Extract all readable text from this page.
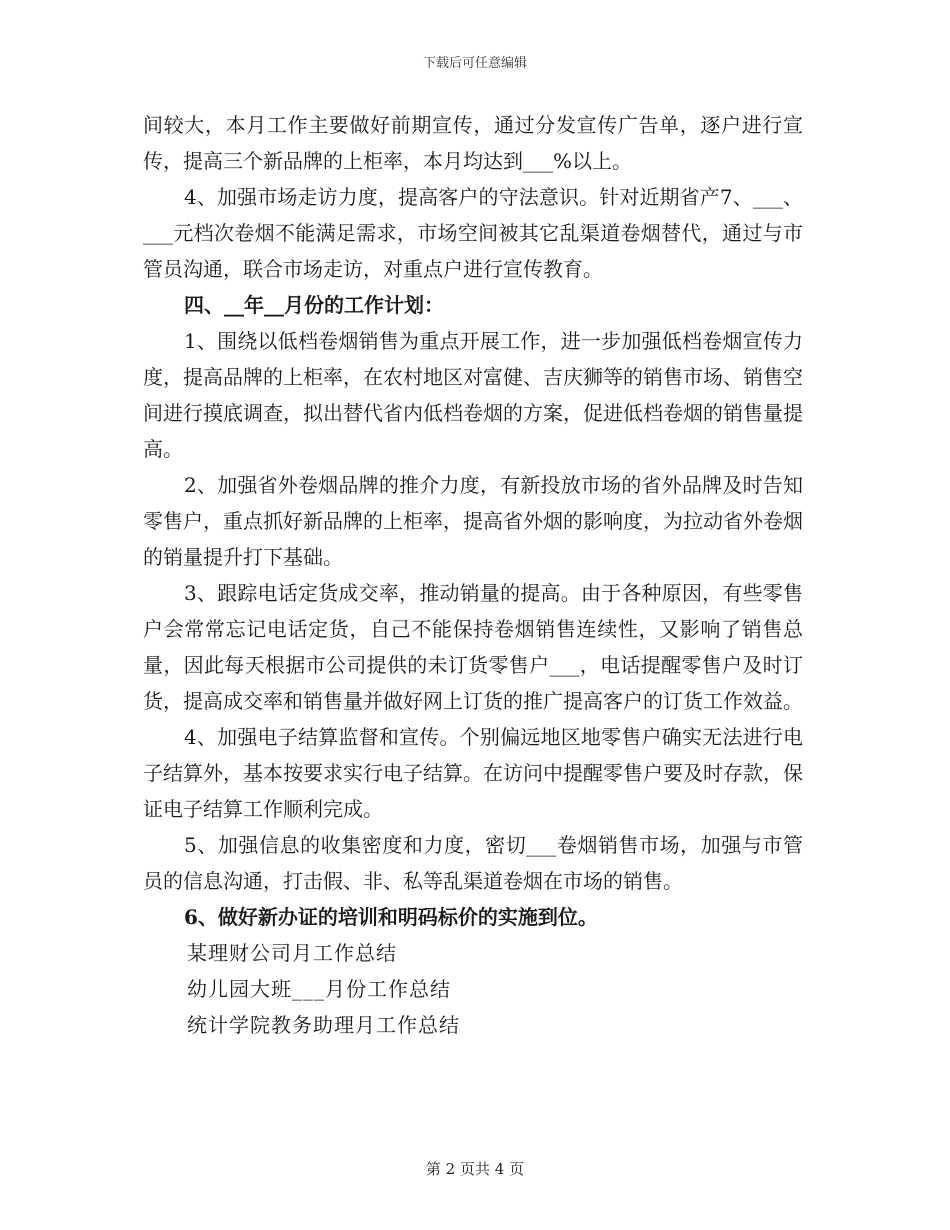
下载后可任意编辑

间较大，本月工作主要做好前期宣传，通过分发宣传广告单，逐户进行宣传，提高三个新品牌的上柜率，本月均达到___%以上。

4、加强市场走访力度，提高客户的守法意识。针对近期省产7、___、___元档次卷烟不能满足需求，市场空间被其它乱渠道卷烟替代，通过与市管员沟通，联合市场走访，对重点户进行宣传教育。

四、__年__月份的工作计划：

1、围绕以低档卷烟销售为重点开展工作，进一步加强低档卷烟宣传力度，提高品牌的上柜率，在农村地区对富健、吉庆狮等的销售市场、销售空间进行摸底调查，拟出替代省内低档卷烟的方案，促进低档卷烟的销售量提高。

2、加强省外卷烟品牌的推介力度，有新投放市场的省外品牌及时告知零售户，重点抓好新品牌的上柜率，提高省外烟的影响度，为拉动省外卷烟的销量提升打下基础。

3、跟踪电话定货成交率，推动销量的提高。由于各种原因，有些零售户会常常忘记电话定货，自己不能保持卷烟销售连续性，又影响了销售总量，因此每天根据市公司提供的未订货零售户___，电话提醒零售户及时订货，提高成交率和销售量并做好网上订货的推广提高客户的订货工作效益。

4、加强电子结算监督和宣传。个别偏远地区地零售户确实无法进行电子结算外，基本按要求实行电子结算。在访问中提醒零售户要及时存款，保证电子结算工作顺利完成。

5、加强信息的收集密度和力度，密切___卷烟销售市场，加强与市管员的信息沟通，打击假、非、私等乱渠道卷烟在市场的销售。

6、做好新办证的培训和明码标价的实施到位。

某理财公司月工作总结

幼儿园大班___月份工作总结

统计学院教务助理月工作总结

第 2 页共 4 页
